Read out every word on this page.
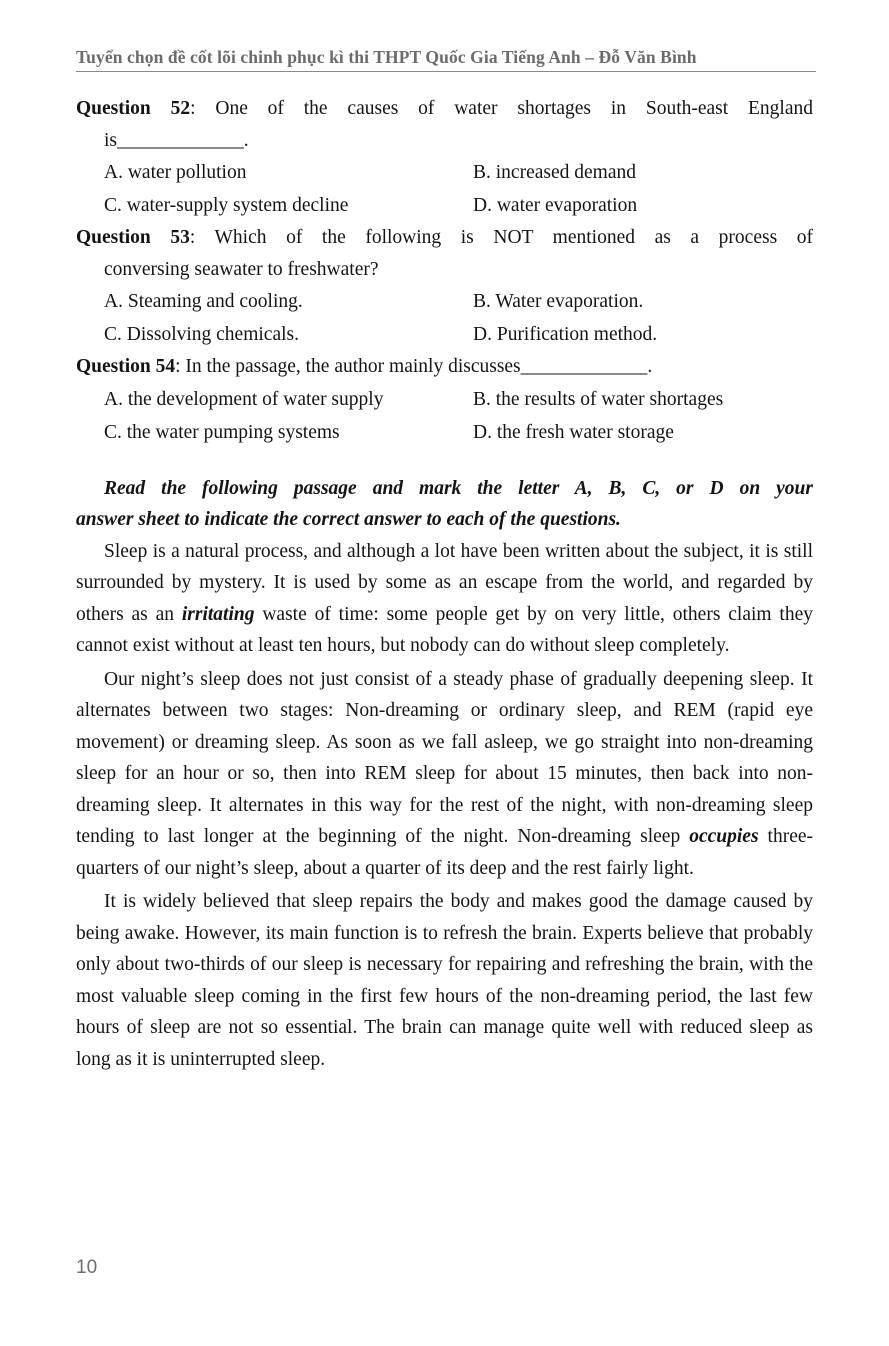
Tuyển chọn đề cốt lõi chinh phục kì thi THPT Quốc Gia Tiếng Anh – Đỗ Văn Bình
Question 52: One of the causes of water shortages in South-east England
is_____________.
A. water pollution	B. increased demand
C. water-supply system decline	D. water evaporation
Question 53: Which of the following is NOT mentioned as a process of
conversing seawater to freshwater?
A. Steaming and cooling.	B. Water evaporation.
C. Dissolving chemicals.	D. Purification method.
Question 54: In the passage, the author mainly discusses_____________.
A. the development of water supply	B. the results of water shortages
C. the water pumping systems	D. the fresh water storage
Read the following passage and mark the letter A, B, C, or D on your
answer sheet to indicate the correct answer to each of the questions.

Sleep is a natural process, and although a lot have been written about the subject, it is still surrounded by mystery. It is used by some as an escape from the world, and regarded by others as an irritating waste of time: some people get by on very little, others claim they cannot exist without at least ten hours, but nobody can do without sleep completely.

Our night’s sleep does not just consist of a steady phase of gradually deepening sleep. It alternates between two stages: Non-dreaming or ordinary sleep, and REM (rapid eye movement) or dreaming sleep. As soon as we fall asleep, we go straight into non-dreaming sleep for an hour or so, then into REM sleep for about 15 minutes, then back into non-dreaming sleep. It alternates in this way for the rest of the night, with non-dreaming sleep tending to last longer at the beginning of the night. Non-dreaming sleep occupies three-quarters of our night’s sleep, about a quarter of its deep and the rest fairly light.

It is widely believed that sleep repairs the body and makes good the damage caused by being awake. However, its main function is to refresh the brain. Experts believe that probably only about two-thirds of our sleep is necessary for repairing and refreshing the brain, with the most valuable sleep coming in the first few hours of the non-dreaming period, the last few hours of sleep are not so essential. The brain can manage quite well with reduced sleep as long as it is uninterrupted sleep.

10
